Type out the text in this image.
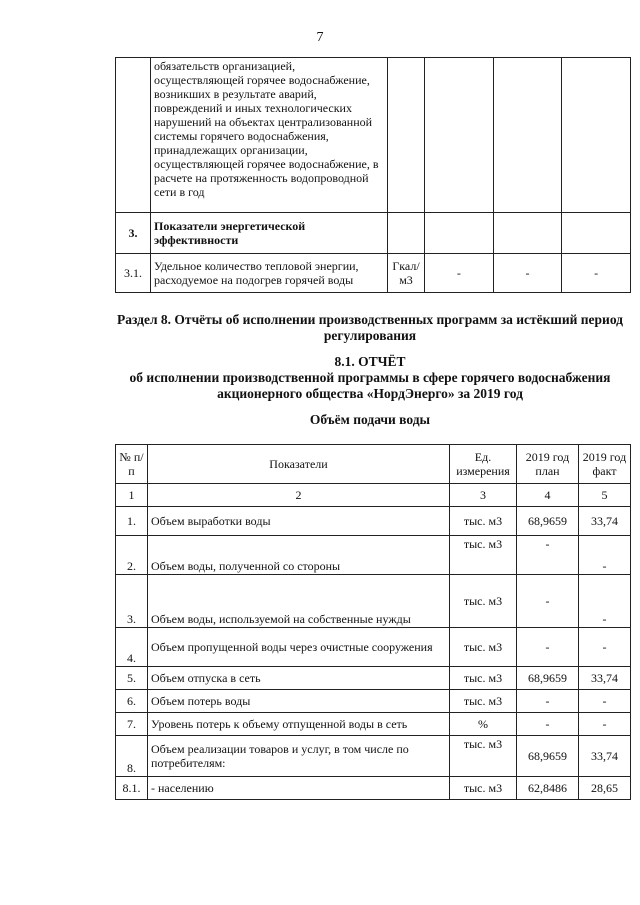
7
	обязательств организацией, осуществляющей горячее водоснабжение, возникших в результате аварий, повреждений и иных технологических нарушений на объектах централизованной системы горячего водоснабжения, принадлежащих организации, осуществляющей горячее водоснабжение, в расчете на протяженность водопроводной сети в год				
3.	Показатели энергетической эффективности				
3.1.	Удельное количество тепловой энергии, расходуемое на подогрев горячей воды	Гкал/ м3	-	-	-
Раздел 8. Отчёты об исполнении производственных программ за истёкший период регулирования
8.1. ОТЧЁТ
об исполнении производственной программы в сфере горячего водоснабжения акционерного общества «НордЭнерго» за 2019 год
Объём подачи воды
№ п/п	Показатели	Ед. измерения	2019 год план	2019 год факт
1	2	3	4	5
1.	Объем выработки воды	тыс. м3	68,9659	33,74
2.	Объем воды, полученной со стороны	тыс. м3	-	-
3.	Объем воды, используемой на собственные нужды	тыс. м3	-	-
4.	Объем пропущенной воды через очистные сооружения	тыс. м3	-	-
5.	Объем отпуска в сеть	тыс. м3	68,9659	33,74
6.	Объем потерь воды	тыс. м3	-	-
7.	Уровень потерь к объему отпущенной воды в сеть	%	-	-
8.	Объем реализации товаров и услуг, в том числе по потребителям:	тыс. м3	68,9659	33,74
8.1.	- населению	тыс. м3	62,8486	28,65
